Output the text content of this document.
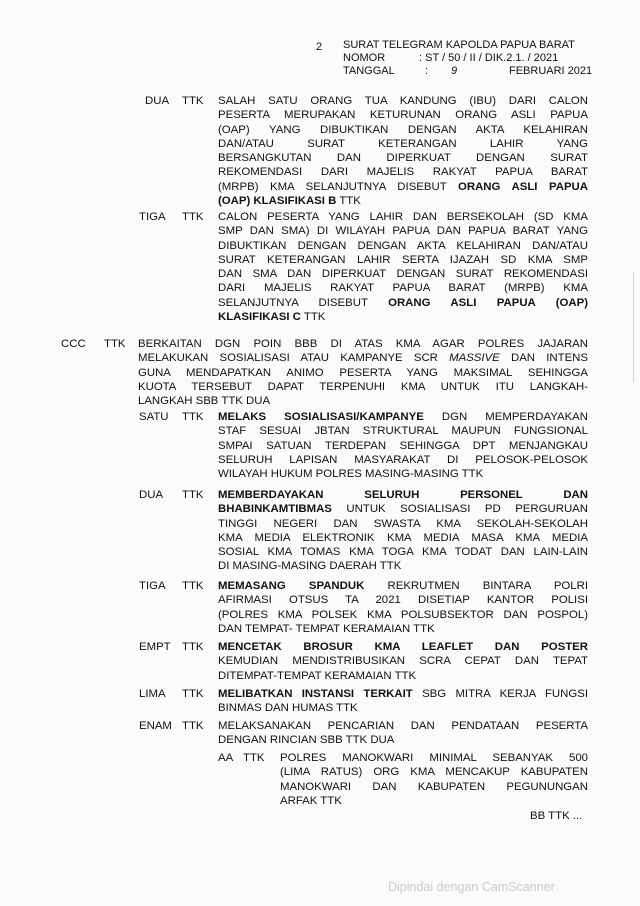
2 SURAT TELEGRAM KAPOLDA PAPUA BARAT
NOMOR	: ST / 50 / II / DIK.2.1. / 2021
TANGGAL	: 9	FEBRUARI 2021
DUA TTK SALAH SATU ORANG TUA KANDUNG (IBU) DARI CALON
PESERTA MERUPAKAN KETURUNAN ORANG ASLI PAPUA
(OAP) YANG DIBUKTIKAN DENGAN AKTA KELAHIRAN
DAN/ATAU SURAT KETERANGAN LAHIR YANG
BERSANGKUTAN DAN DIPERKUAT DENGAN SURAT
REKOMENDASI DARI MAJELIS RAKYAT PAPUA BARAT
(MRPB) KMA SELANJUTNYA DISEBUT ORANG ASLI PAPUA
(OAP) KLASIFIKASI B TTK
TIGA TTK CALON PESERTA YANG LAHIR DAN BERSEKOLAH (SD KMA
SMP DAN SMA) DI WILAYAH PAPUA DAN PAPUA BARAT YANG
DIBUKTIKAN DENGAN DENGAN AKTA KELAHIRAN DAN/ATAU
SURAT KETERANGAN LAHIR SERTA IJAZAH SD KMA SMP
DAN SMA DAN DIPERKUAT DENGAN SURAT REKOMENDASI
DARI MAJELIS RAKYAT PAPUA BARAT (MRPB) KMA
SELANJUTNYA DISEBUT ORANG ASLI PAPUA (OAP)
KLASIFIKASI C TTK
CCC TTK BERKAITAN DGN POIN BBB DI ATAS KMA AGAR POLRES JAJARAN
MELAKUKAN SOSIALISASI ATAU KAMPANYE SCR MASSIVE DAN INTENS
GUNA MENDAPATKAN ANIMO PESERTA YANG MAKSIMAL SEHINGGA
KUOTA TERSEBUT DAPAT TERPENUHI KMA UNTUK ITU LANGKAH-
LANGKAH SBB TTK DUA
SATU TTK MELAKS SOSIALISASI/KAMPANYE DGN MEMPERDAYAKAN
STAF SESUAI JBTAN STRUKTURAL MAUPUN FUNGSIONAL
SMPAI SATUAN TERDEPAN SEHINGGA DPT MENJANGKAU
SELURUH LAPISAN MASYARAKAT DI PELOSOK-PELOSOK
WILAYAH HUKUM POLRES MASING-MASING TTK
DUA TTK MEMBERDAYAKAN SELURUH PERSONEL DAN
BHABINKAMTIBMAS UNTUK SOSIALISASI PD PERGURUAN
TINGGI NEGERI DAN SWASTA KMA SEKOLAH-SEKOLAH
KMA MEDIA ELEKTRONIK KMA MEDIA MASA KMA MEDIA
SOSIAL KMA TOMAS KMA TOGA KMA TODAT DAN LAIN-LAIN
DI MASING-MASING DAERAH TTK
TIGA TTK MEMASANG SPANDUK REKRUTMEN BINTARA POLRI
AFIRMASI OTSUS TA 2021 DISETIAP KANTOR POLISI
(POLRES KMA POLSEK KMA POLSUBSEKTOR DAN POSPOL)
DAN TEMPAT- TEMPAT KERAMAIAN TTK
EMPT TTK MENCETAK BROSUR KMA LEAFLET DAN POSTER
KEMUDIAN MENDISTRIBUSIKAN SCRA CEPAT DAN TEPAT
DITEMPAT-TEMPAT KERAMAIAN TTK
LIMA TTK MELIBATKAN INSTANSI TERKAIT SBG MITRA KERJA FUNGSI
BINMAS DAN HUMAS TTK
ENAM TTK MELAKSANAKAN PENCARIAN DAN PENDATAAN PESERTA
DENGAN RINCIAN SBB TTK DUA
AA TTK POLRES MANOKWARI MINIMAL SEBANYAK 500
(LIMA RATUS) ORG KMA MENCAKUP KABUPATEN
MANOKWARI DAN KABUPATEN PEGUNUNGAN
ARFAK TTK
BB TTK ...
Dipindai dengan CamScanner
